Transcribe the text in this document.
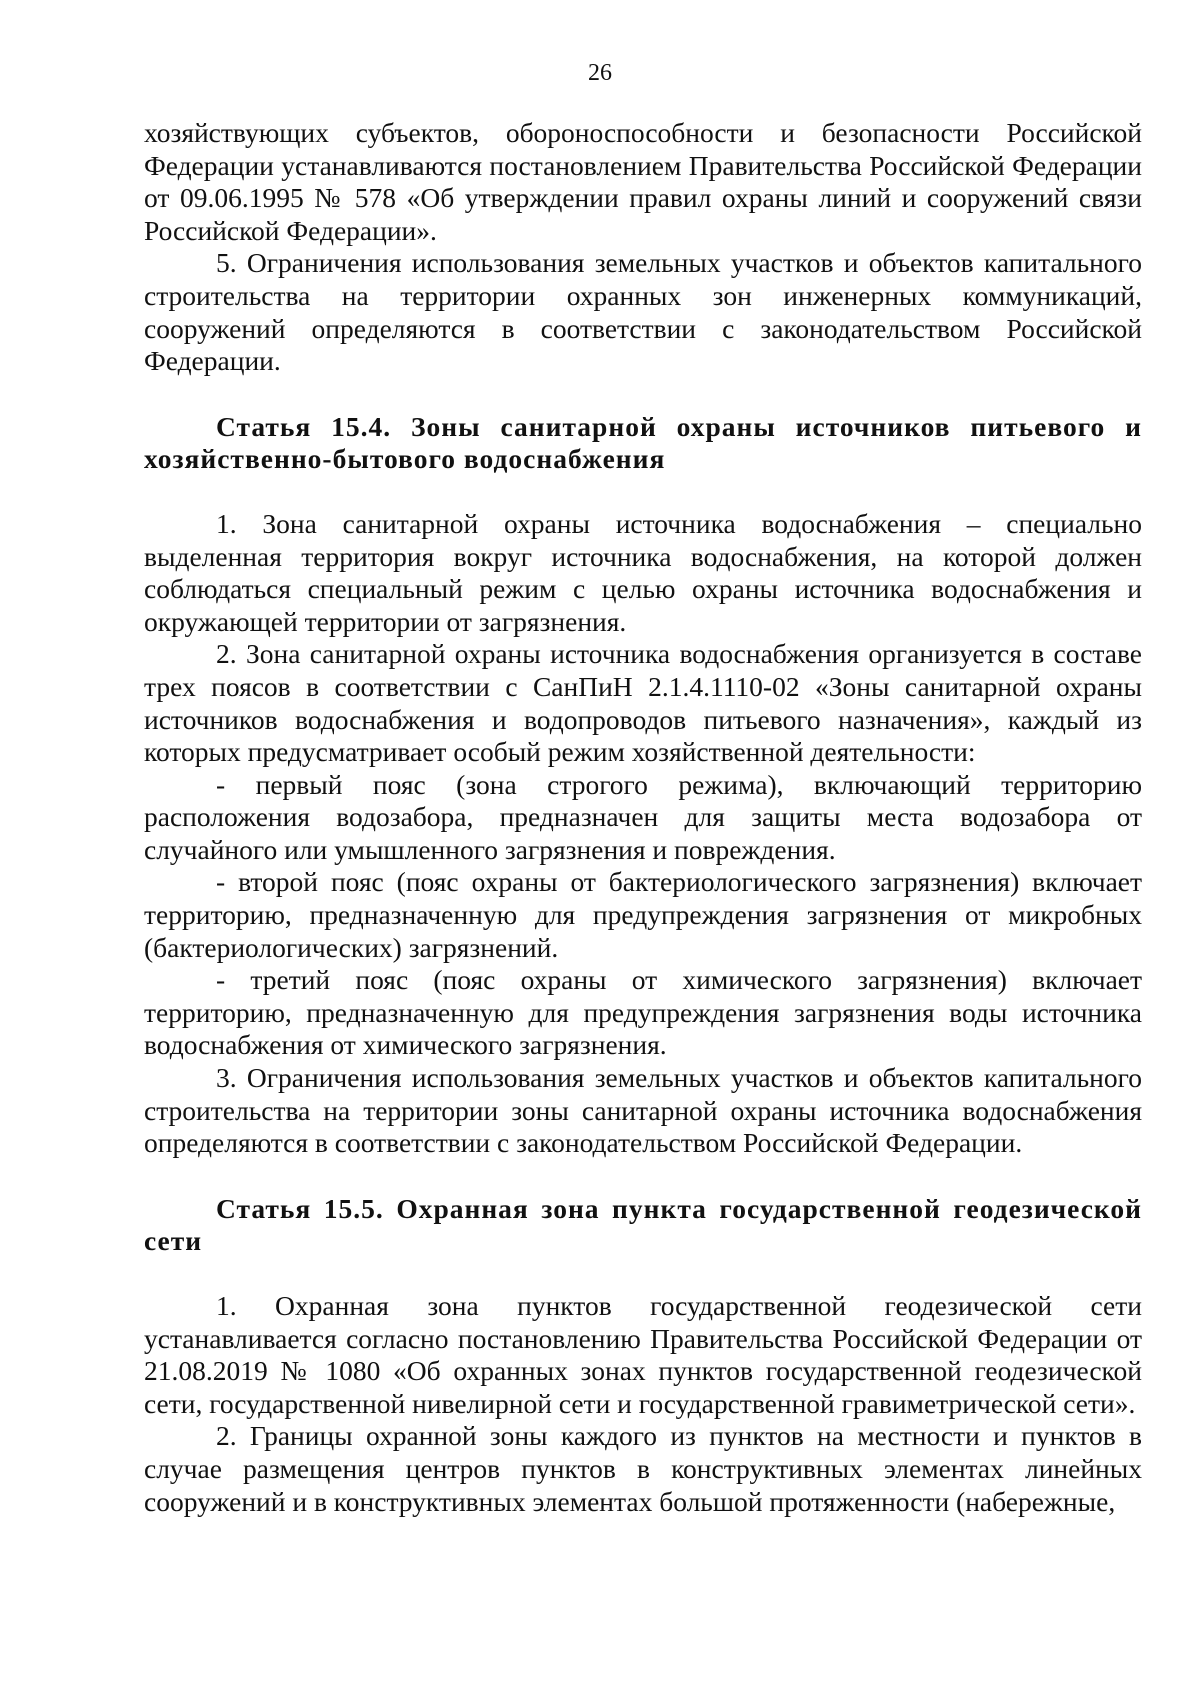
26

хозяйствующих субъектов, обороноспособности и безопасности Российской Федерации устанавливаются постановлением Правительства Российской Федерации от 09.06.1995 № 578 «Об утверждении правил охраны линий и сооружений связи Российской Федерации».

5. Ограничения использования земельных участков и объектов капитального строительства на территории охранных зон инженерных коммуникаций, сооружений определяются в соответствии с законодательством Российской Федерации.

Статья 15.4. Зоны санитарной охраны источников питьевого и хозяйственно-бытового водоснабжения

1. Зона санитарной охраны источника водоснабжения – специально выделенная территория вокруг источника водоснабжения, на которой должен соблюдаться специальный режим с целью охраны источника водоснабжения и окружающей территории от загрязнения.

2. Зона санитарной охраны источника водоснабжения организуется в составе трех поясов в соответствии с СанПиН 2.1.4.1110-02 «Зоны санитарной охраны источников водоснабжения и водопроводов питьевого назначения», каждый из которых предусматривает особый режим хозяйственной деятельности:

- первый пояс (зона строгого режима), включающий территорию расположения водозабора, предназначен для защиты места водозабора от случайного или умышленного загрязнения и повреждения.

- второй пояс (пояс охраны от бактериологического загрязнения) включает территорию, предназначенную для предупреждения загрязнения от микробных (бактериологических) загрязнений.

- третий пояс (пояс охраны от химического загрязнения) включает территорию, предназначенную для предупреждения загрязнения воды источника водоснабжения от химического загрязнения.

3. Ограничения использования земельных участков и объектов капитального строительства на территории зоны санитарной охраны источника водоснабжения определяются в соответствии с законодательством Российской Федерации.

Статья 15.5. Охранная зона пункта государственной геодезической сети

1. Охранная зона пунктов государственной геодезической сети устанавливается согласно постановлению Правительства Российской Федерации от 21.08.2019 № 1080 «Об охранных зонах пунктов государственной геодезической сети, государственной нивелирной сети и государственной гравиметрической сети».

2. Границы охранной зоны каждого из пунктов на местности и пунктов в случае размещения центров пунктов в конструктивных элементах линейных сооружений и в конструктивных элементах большой протяженности (набережные,
